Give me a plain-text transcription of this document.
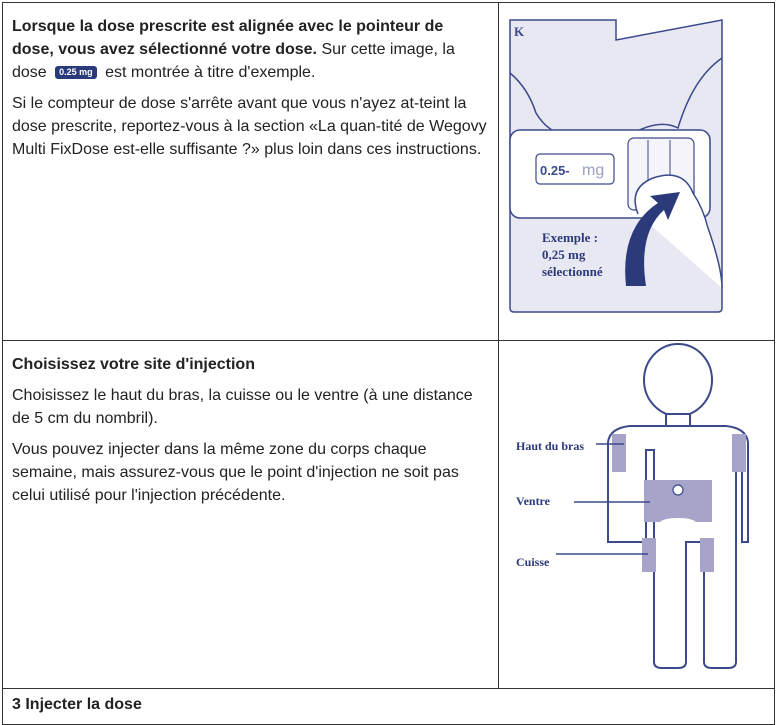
Lorsque la dose prescrite est alignée avec le pointeur de dose, vous avez sélectionné votre dose. Sur cette image, la dose 0.25 mg est montrée à titre d'exemple.

Si le compteur de dose s'arrête avant que vous n'ayez at-teint la dose prescrite, reportez-vous à la section «La quan-tité de Wegovy Multi FixDose est-elle suffisante ?» plus loin dans ces instructions.

K
0.25- mg
Exemple :
0,25 mg
sélectionné

Choisissez votre site d'injection

Choisissez le haut du bras, la cuisse ou le ventre (à une distance de 5 cm du nombril).

Vous pouvez injecter dans la même zone du corps chaque semaine, mais assurez-vous que le point d'injection ne soit pas celui utilisé pour l'injection précédente.

Haut du bras
Ventre
Cuisse
3 Injecter la dose
